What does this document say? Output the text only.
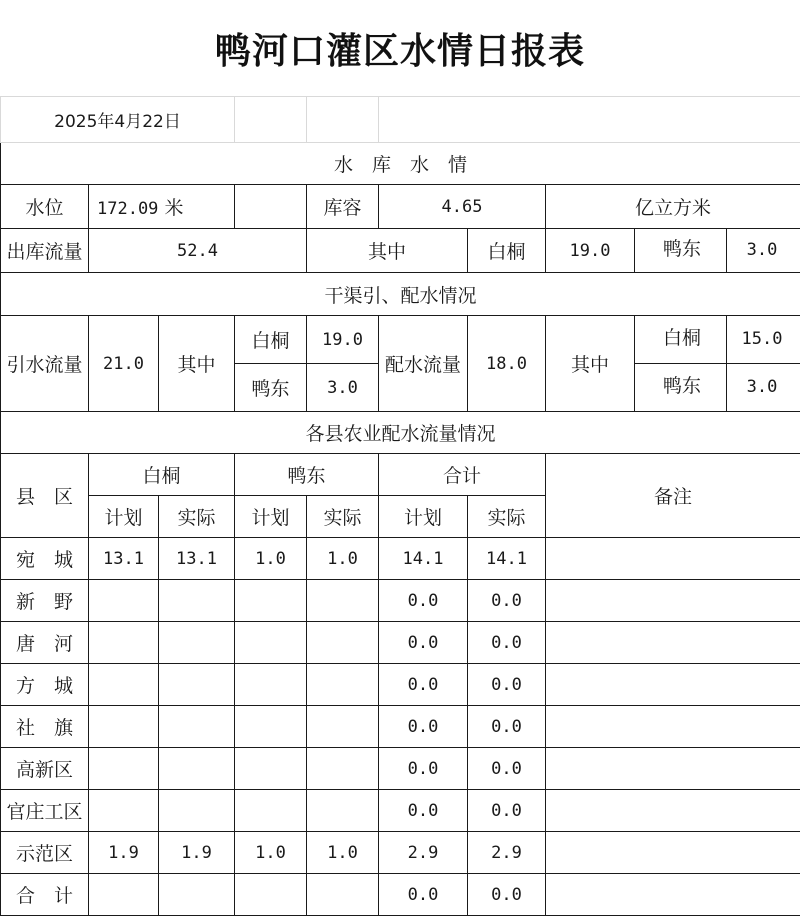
鸭河口灌区水情日报表
2025年4月22日								
水　库　水　情								
水位	172.09 米			库容	4.65		亿立方米	
出库流量	52.4			其中		白桐	19.0	鸭东 3.0
干渠引、配水情况								
引水流量	21.0	其中	白桐	19.0	配水流量	18.0	其中	白桐 15.0
			鸭东	3.0				鸭东 3.0
各县农业配水流量情况								
县　区	白桐		鸭东		合计		备注	
	计划	实际	计划	实际	计划	实际		
宛　城	13.1	13.1	1.0	1.0	14.1	14.1		
新　野					0.0	0.0		
唐　河					0.0	0.0		
方　城					0.0	0.0		
社　旗					0.0	0.0		
高新区					0.0	0.0		
官庄工区					0.0	0.0		
示范区	1.9	1.9	1.0	1.0	2.9	2.9		
合　计					0.0	0.0		
